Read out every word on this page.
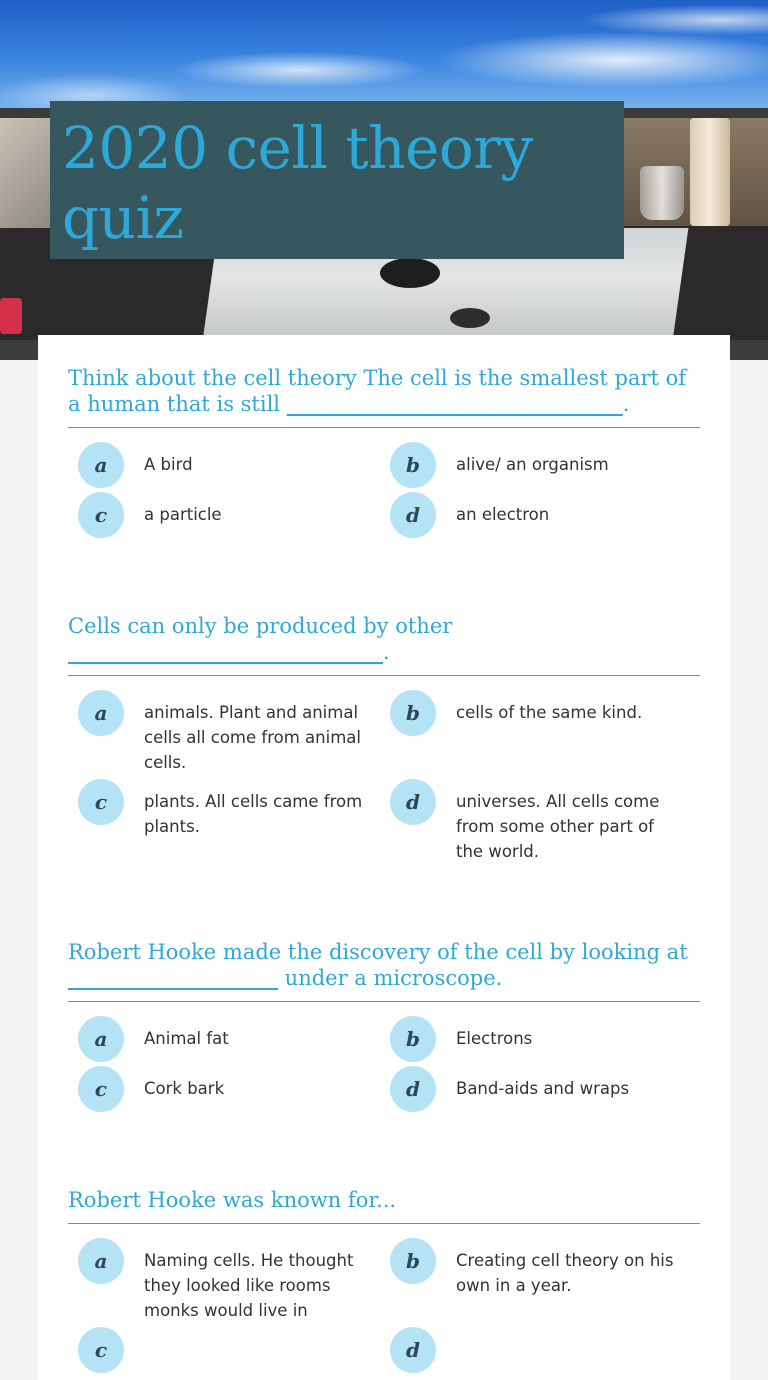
2020 cell theory quiz
Think about the cell theory The cell is the smallest part of a human that is still ________________________________.
a	A bird	b	alive/ an organism
c	a particle	d	an electron
Cells can only be produced by other ______________________________.
a	animals. Plant and animal cells all come from animal cells.
b	cells of the same kind.
c	plants. All cells came from plants.
d	universes. All cells come from some other part of the world.
Robert Hooke made the discovery of the cell by looking at ____________________ under a microscope.
a	Animal fat	b	Electrons
c	Cork bark	d	Band-aids and wraps
Robert Hooke was known for...
a	Naming cells. He thought they looked like rooms monks would live in
b	Creating cell theory on his own in a year.
c	d
